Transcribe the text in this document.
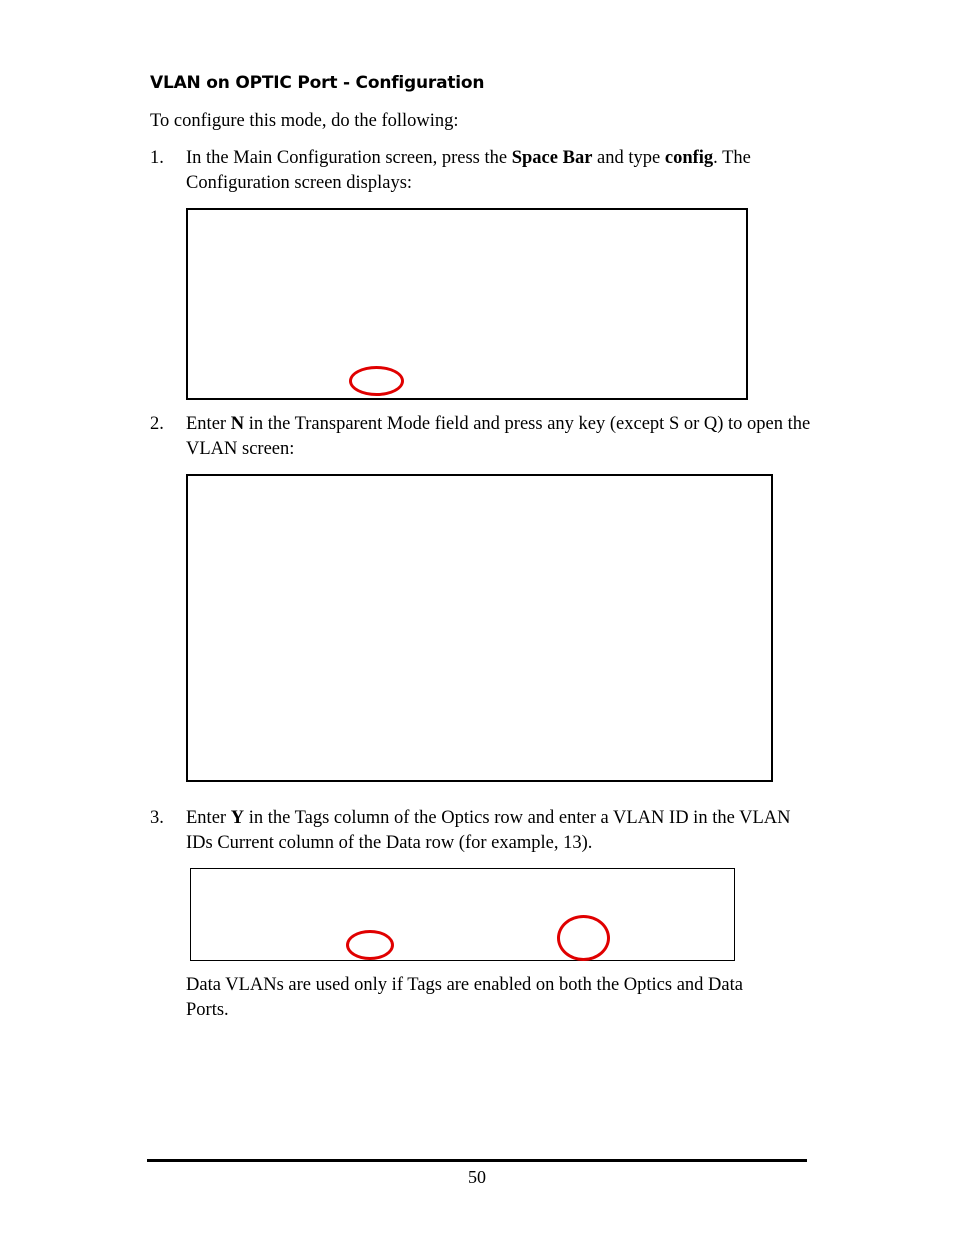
VLAN on OPTIC Port - Configuration
To configure this mode, do the following:
1. In the Main Configuration screen, press the Space Bar and type config. The Configuration screen displays:
2. Enter N in the Transparent Mode field and press any key (except S or Q) to open the VLAN screen:
3. Enter Y in the Tags column of the Optics row and enter a VLAN ID in the VLAN IDs Current column of the Data row (for example, 13).
Data VLANs are used only if Tags are enabled on both the Optics and Data Ports.
50
